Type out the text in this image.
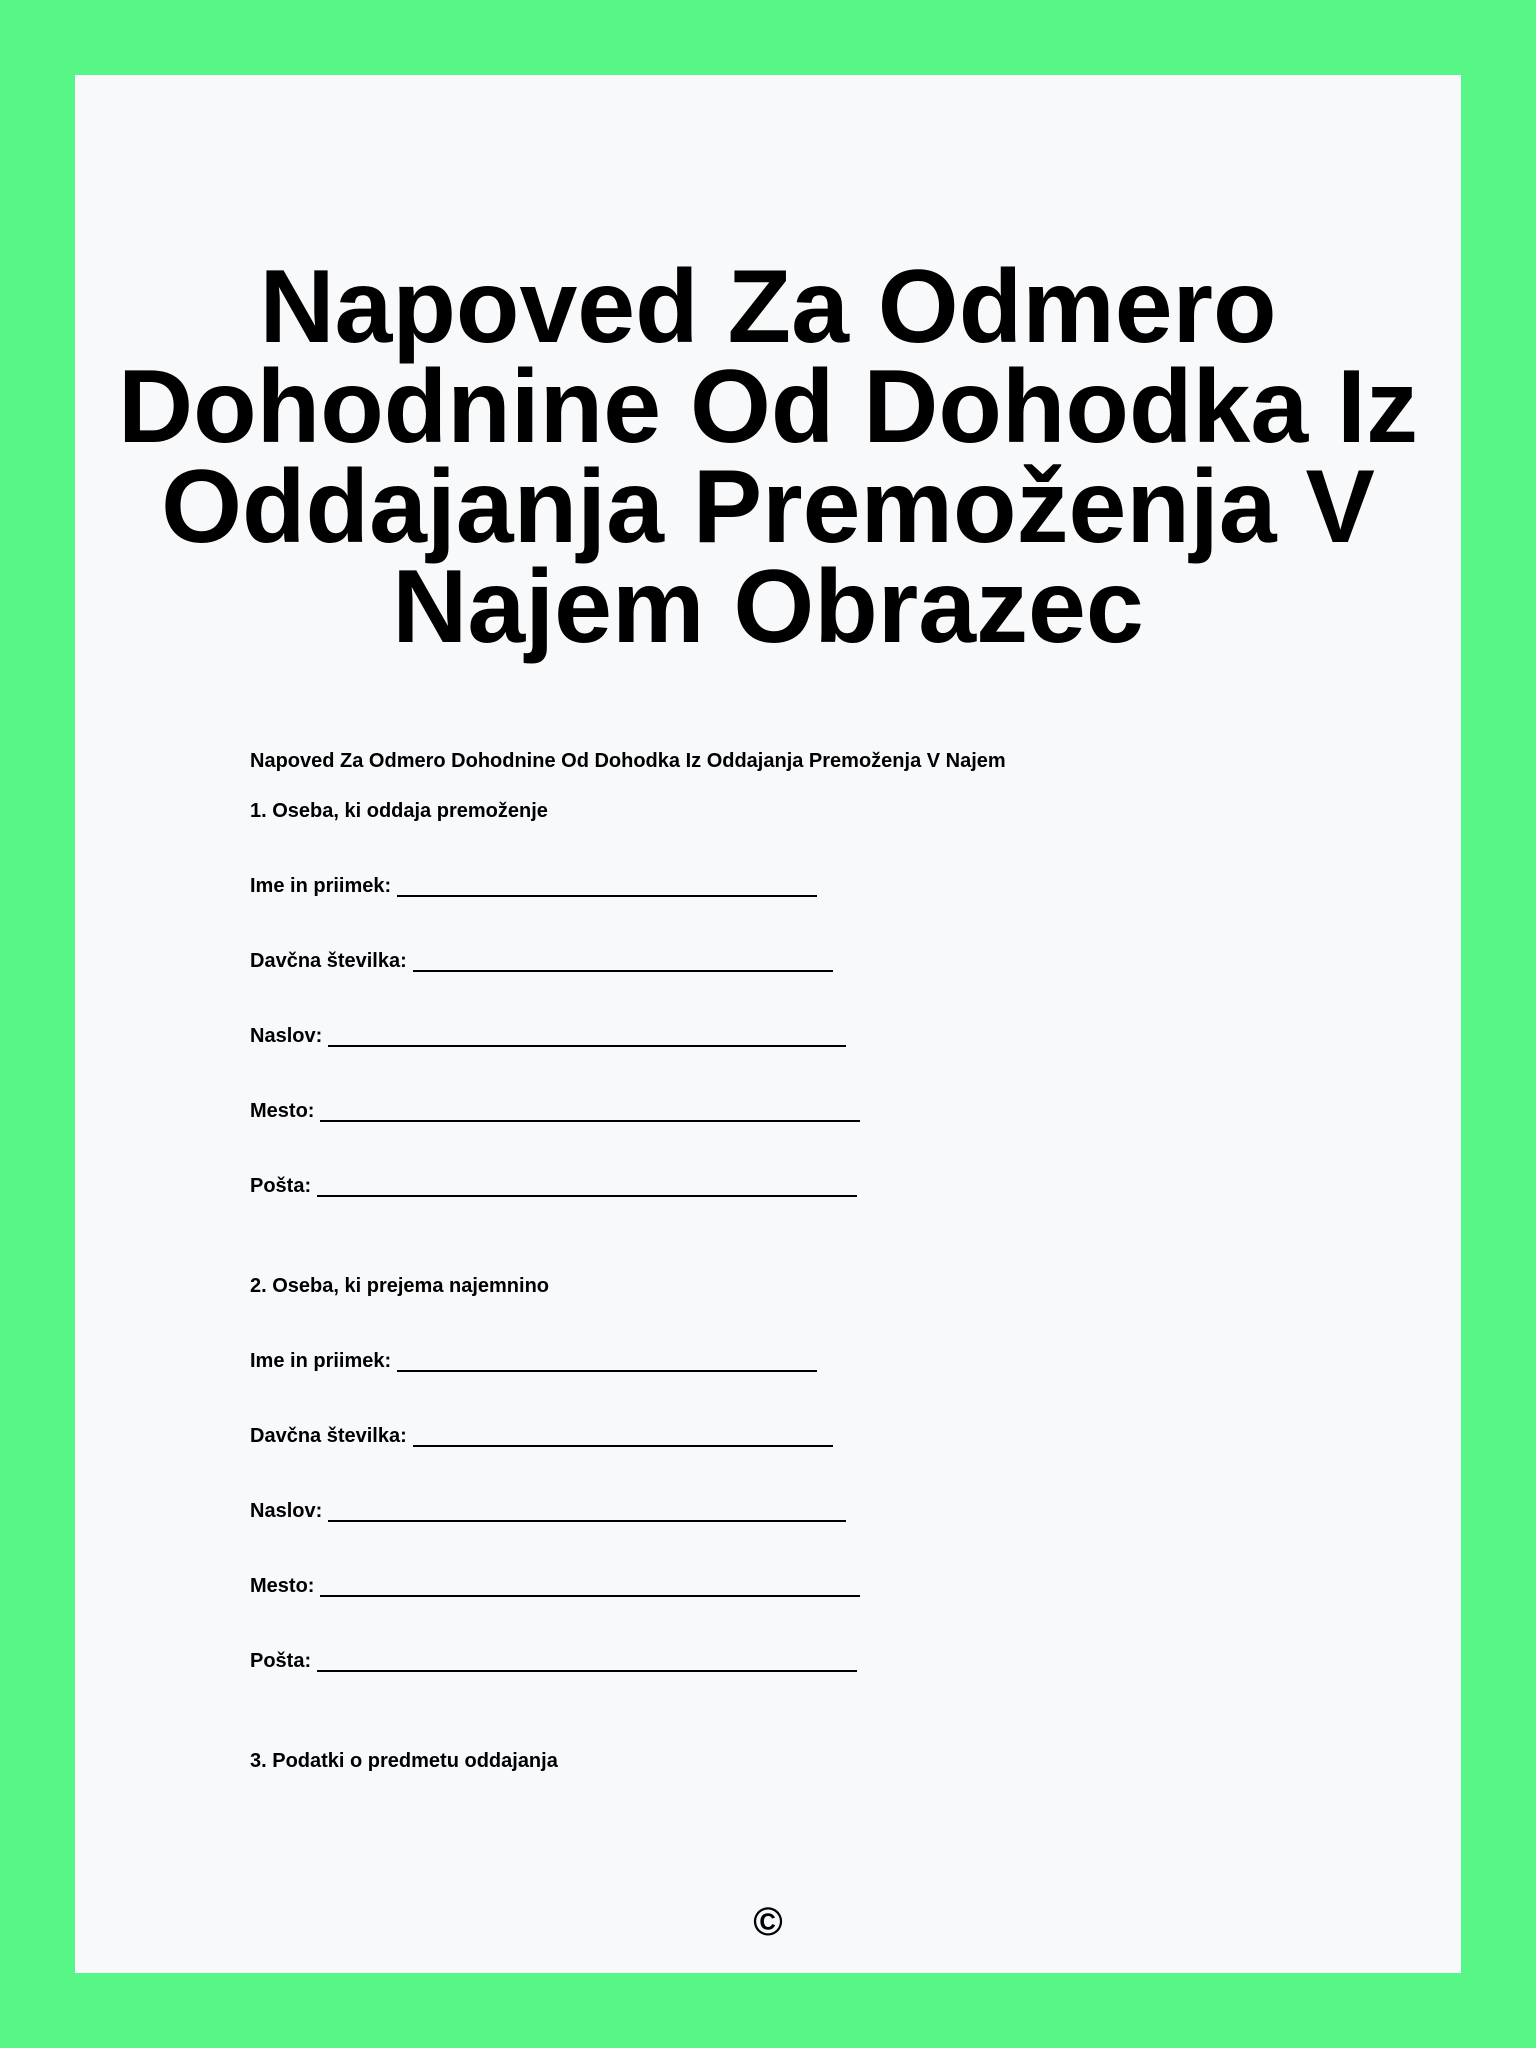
Napoved Za Odmero
Dohodnine Od Dohodka Iz
Oddajanja Premoženja V
Najem Obrazec
Napoved Za Odmero Dohodnine Od Dohodka Iz Oddajanja Premoženja V Najem
1. Oseba, ki oddaja premoženje
Ime in priimek:
Davčna številka:
Naslov:
Mesto:
Pošta:
2. Oseba, ki prejema najemnino
Ime in priimek:
Davčna številka:
Naslov:
Mesto:
Pošta:
3. Podatki o predmetu oddajanja
©
